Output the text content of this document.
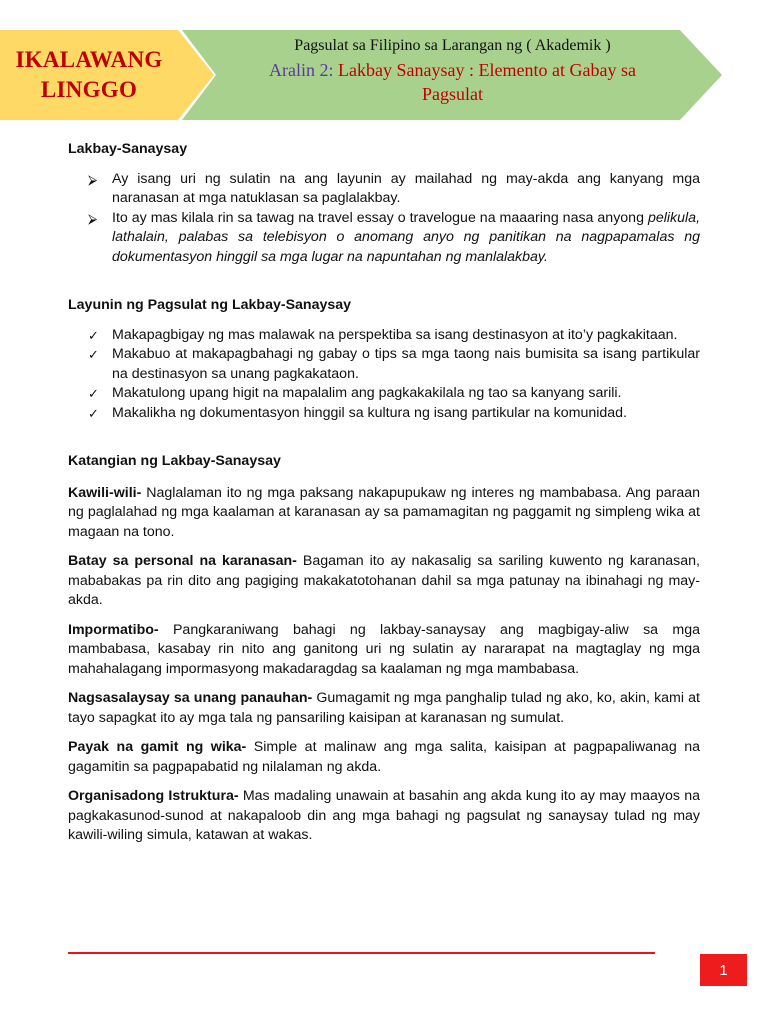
IKALAWANG
LINGGO
Pagsulat sa Filipino sa Larangan ng ( Akademik )
Aralin 2: Lakbay Sanaysay : Elemento at Gabay sa
Pagsulat

Lakbay-Sanaysay

⮚ Ay isang uri ng sulatin na ang layunin ay mailahad ng may-akda ang kanyang mga naranasan at mga natuklasan sa paglalakbay.
⮚ Ito ay mas kilala rin sa tawag na travel essay o travelogue na maaaring nasa anyong pelikula, lathalain, palabas sa telebisyon o anomang anyo ng panitikan na nagpapamalas ng dokumentasyon hinggil sa mga lugar na napuntahan ng manlalakbay.

Layunin ng Pagsulat ng Lakbay-Sanaysay

✓ Makapagbigay ng mas malawak na perspektiba sa isang destinasyon at ito’y pagkakitaan.
✓ Makabuo at makapagbahagi ng gabay o tips sa mga taong nais bumisita sa isang partikular na destinasyon sa unang pagkakataon.
✓ Makatulong upang higit na mapalalim ang pagkakakilala ng tao sa kanyang sarili.
✓ Makalikha ng dokumentasyon hinggil sa kultura ng isang partikular na komunidad.

Katangian ng Lakbay-Sanaysay

Kawili-wili- Naglalaman ito ng mga paksang nakapupukaw ng interes ng mambabasa. Ang paraan ng paglalahad ng mga kaalaman at karanasan ay sa pamamagitan ng paggamit ng simpleng wika at magaan na tono.

Batay sa personal na karanasan- Bagaman ito ay nakasalig sa sariling kuwento ng karanasan, mababakas pa rin dito ang pagiging makakatotohanan dahil sa mga patunay na ibinahagi ng may-akda.

Impormatibo- Pangkaraniwang bahagi ng lakbay-sanaysay ang magbigay-aliw sa mga mambabasa, kasabay rin nito ang ganitong uri ng sulatin ay nararapat na magtaglay ng mga mahahalagang impormasyong makadaragdag sa kaalaman ng mga mambabasa.

Nagsasalaysay sa unang panauhan- Gumagamit ng mga panghalip tulad ng ako, ko, akin, kami at tayo sapagkat ito ay mga tala ng pansariling kaisipan at karanasan ng sumulat.

Payak na gamit ng wika- Simple at malinaw ang mga salita, kaisipan at pagpapaliwanag na gagamitin sa pagpapabatid ng nilalaman ng akda.

Organisadong Istruktura- Mas madaling unawain at basahin ang akda kung ito ay may maayos na pagkakasunod-sunod at nakapaloob din ang mga bahagi ng pagsulat ng sanaysay tulad ng may kawili-wiling simula, katawan at wakas.

1
